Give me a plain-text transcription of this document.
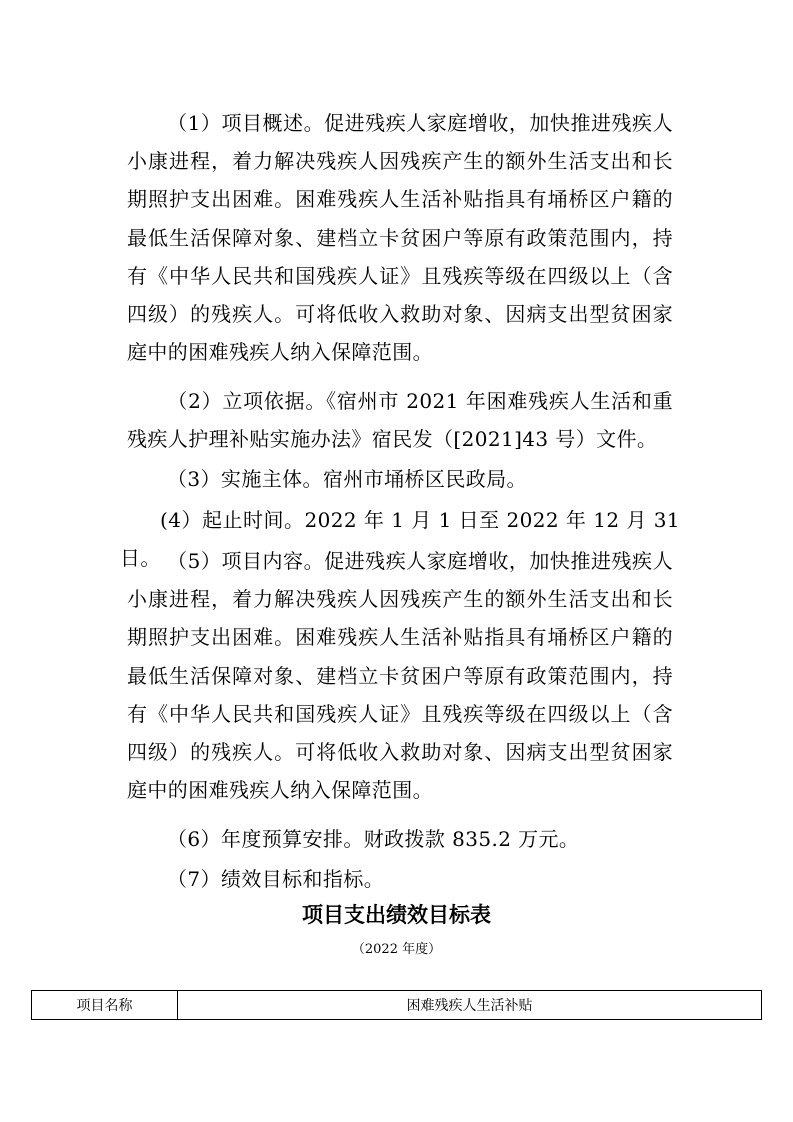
（1）项目概述。促进残疾人家庭增收，加快推进残疾人小康进程，着力解决残疾人因残疾产生的额外生活支出和长期照护支出困难。困难残疾人生活补贴指具有埇桥区户籍的最低生活保障对象、建档立卡贫困户等原有政策范围内，持有《中华人民共和国残疾人证》且残疾等级在四级以上（含四级）的残疾人。可将低收入救助对象、因病支出型贫困家庭中的困难残疾人纳入保障范围。

（2）立项依据。《宿州市 2021 年困难残疾人生活和重残疾人护理补贴实施办法》宿民发（[2021]43 号）文件。

（3）实施主体。宿州市埇桥区民政局。

(4）起止时间。2022 年 1 月 1 日至 2022 年 12 月 31 日。 （5）项目内容。促进残疾人家庭增收，加快推进残疾人小康进程，着力解决残疾人因残疾产生的额外生活支出和长期照护支出困难。困难残疾人生活补贴指具有埇桥区户籍的最低生活保障对象、建档立卡贫困户等原有政策范围内，持有《中华人民共和国残疾人证》且残疾等级在四级以上（含四级）的残疾人。可将低收入救助对象、因病支出型贫困家庭中的困难残疾人纳入保障范围。

（6）年度预算安排。财政拨款 835.2 万元。

（7）绩效目标和指标。

项目支出绩效目标表

（2022 年度）

项目名称	困难残疾人生活补贴
